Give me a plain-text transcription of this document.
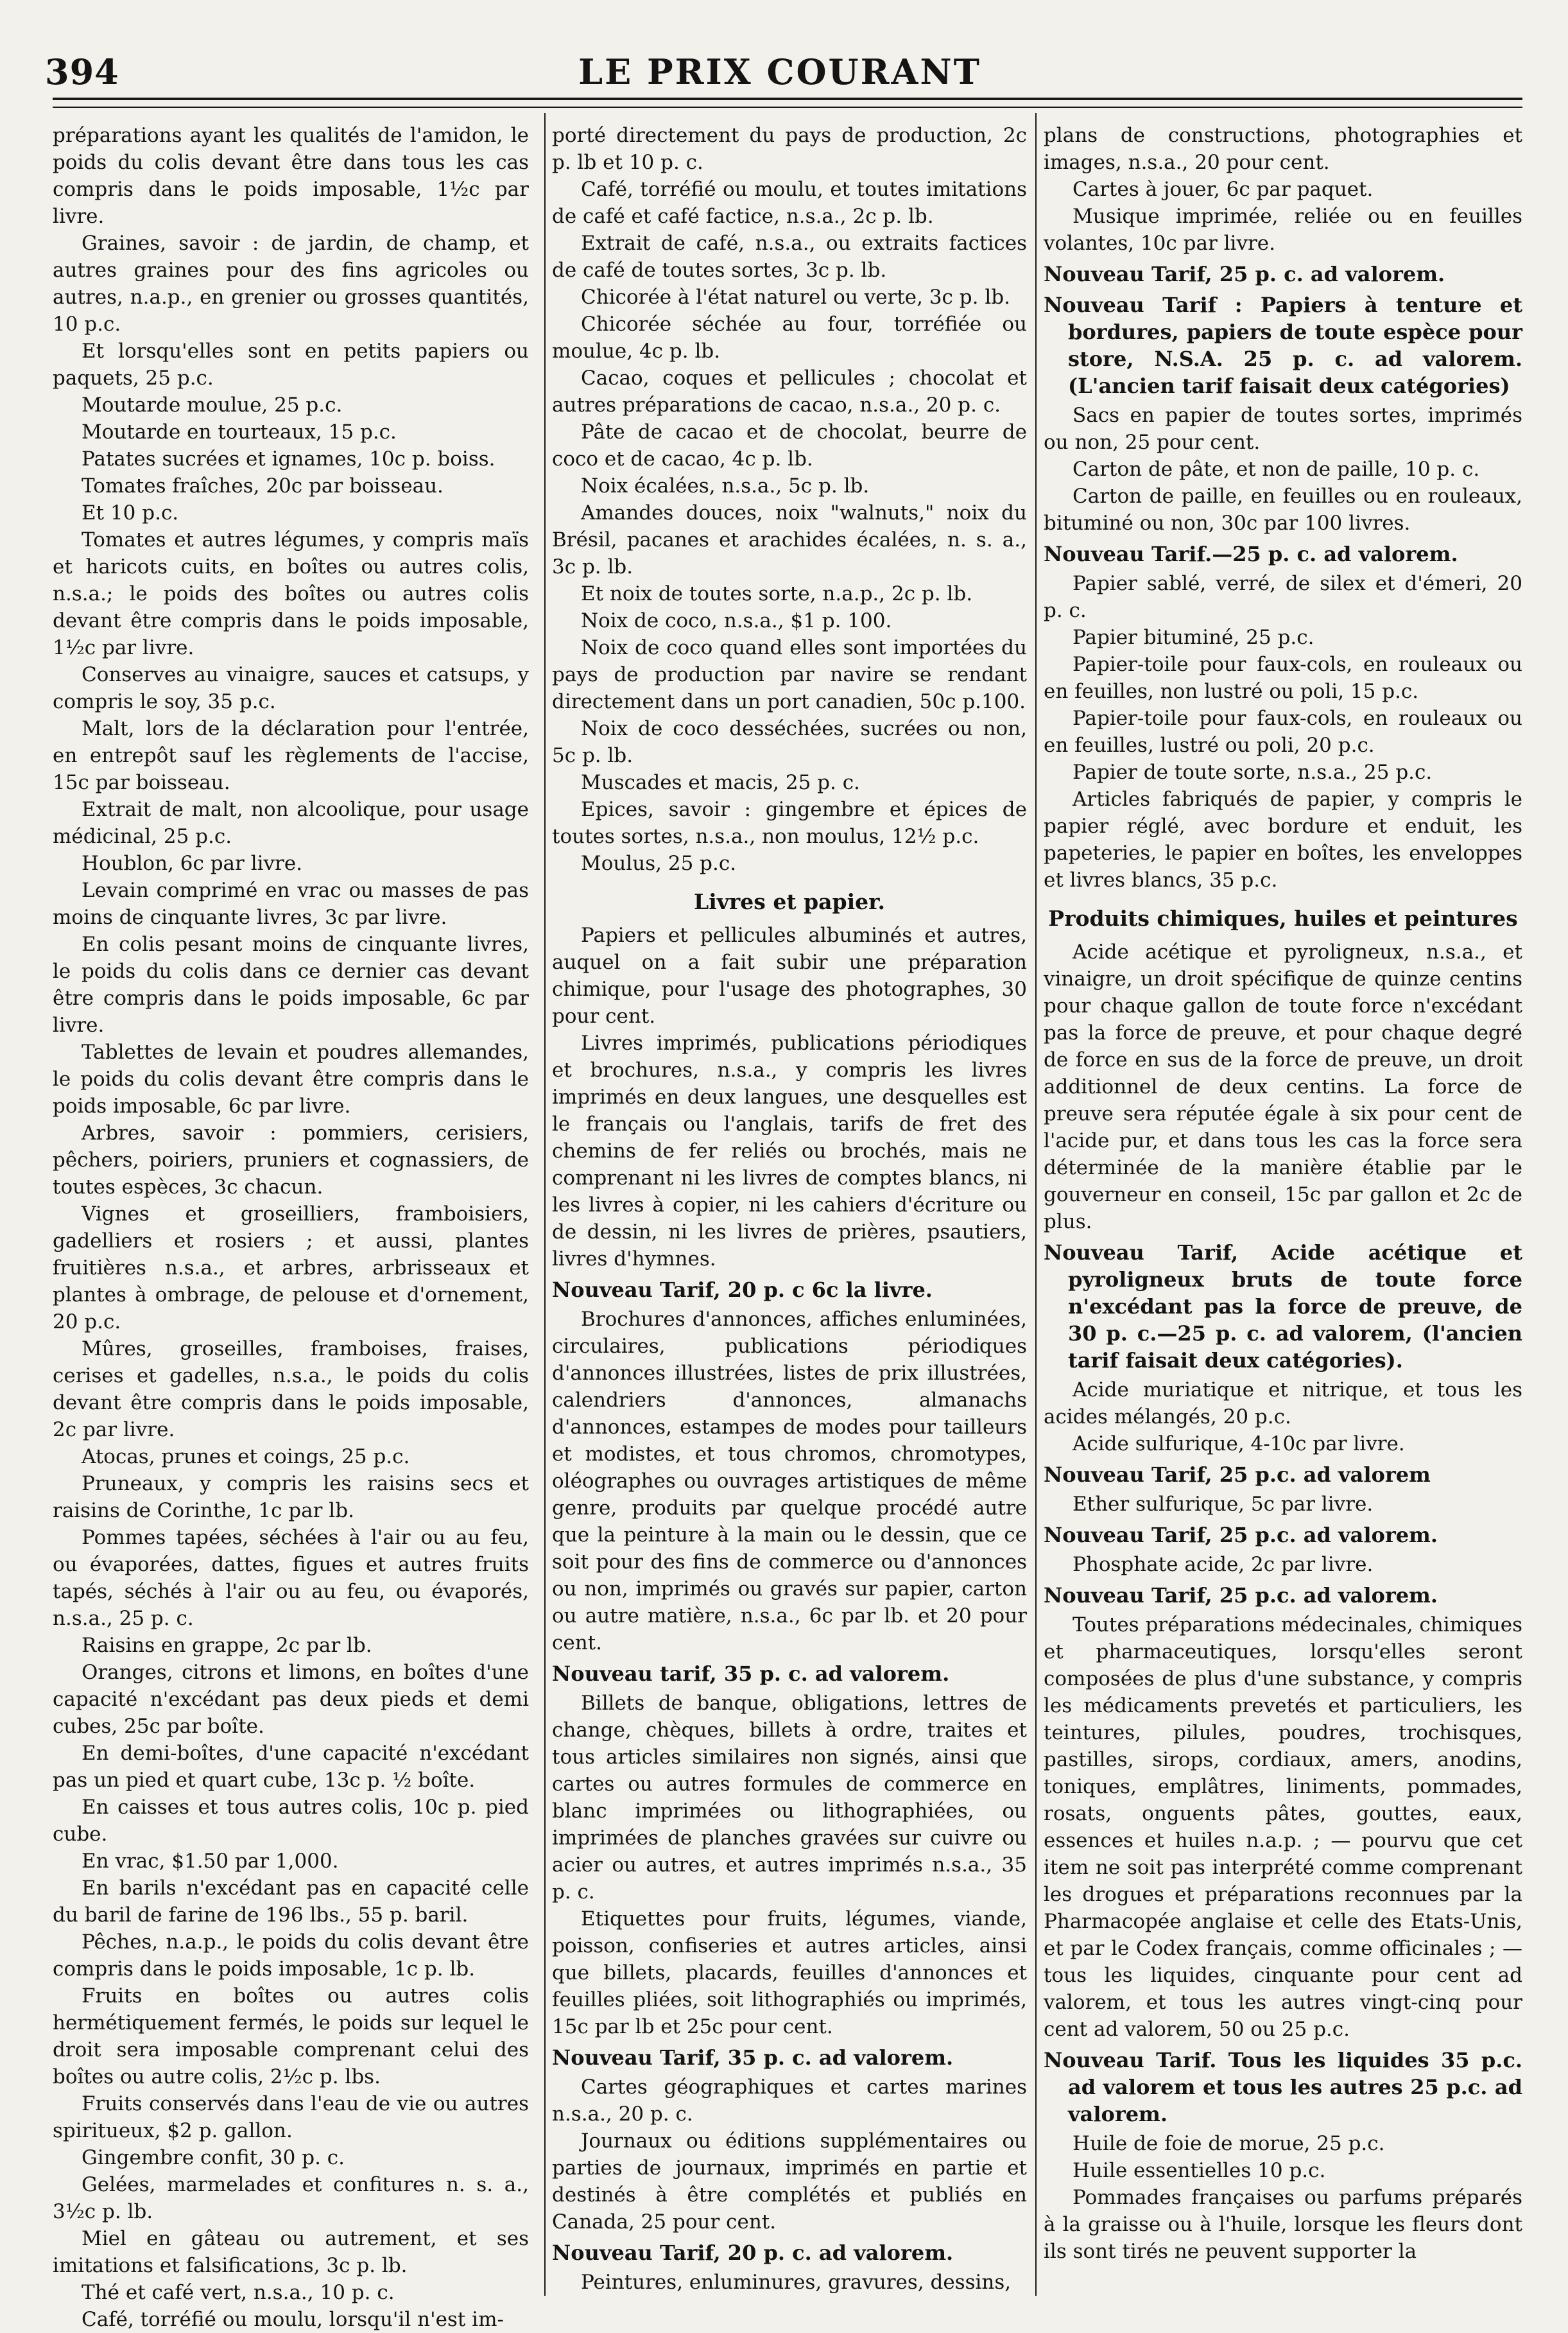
394	LE PRIX COURANT

préparations ayant les qualités de l'amidon, le poids du colis devant être dans tous les cas compris dans le poids imposable, 1½c par livre.

Graines, savoir : de jardin, de champ, et autres graines pour des fins agricoles ou autres, n.a.p., en grenier ou grosses quantités, 10 p.c.

Et lorsqu'elles sont en petits papiers ou paquets, 25 p.c.

Moutarde moulue, 25 p.c.

Moutarde en tourteaux, 15 p.c.

Patates sucrées et ignames, 10c p. boiss.

Tomates fraîches, 20c par boisseau.

Et 10 p.c.

Tomates et autres légumes, y compris maïs et haricots cuits, en boîtes ou autres colis, n.s.a.; le poids des boîtes ou autres colis devant être compris dans le poids imposable, 1½c par livre.

Conserves au vinaigre, sauces et catsups, y compris le soy, 35 p.c.

Malt, lors de la déclaration pour l'entrée, en entrepôt sauf les règlements de l'accise, 15c par boisseau.

Extrait de malt, non alcoolique, pour usage médicinal, 25 p.c.

Houblon, 6c par livre.

Levain comprimé en vrac ou masses de pas moins de cinquante livres, 3c par livre.

En colis pesant moins de cinquante livres, le poids du colis dans ce dernier cas devant être compris dans le poids imposable, 6c par livre.

Tablettes de levain et poudres allemandes, le poids du colis devant être compris dans le poids imposable, 6c par livre.

Arbres, savoir : pommiers, cerisiers, pêchers, poiriers, pruniers et cognassiers, de toutes espèces, 3c chacun.

Vignes et groseilliers, framboisiers, gadelliers et rosiers ; et aussi, plantes fruitières n.s.a., et arbres, arbrisseaux et plantes à ombrage, de pelouse et d'ornement, 20 p.c.

Mûres, groseilles, framboises, fraises, cerises et gadelles, n.s.a., le poids du colis devant être compris dans le poids imposable, 2c par livre.

Atocas, prunes et coings, 25 p.c.

Pruneaux, y compris les raisins secs et raisins de Corinthe, 1c par lb.

Pommes tapées, séchées à l'air ou au feu, ou évaporées, dattes, figues et autres fruits tapés, séchés à l'air ou au feu, ou évaporés, n.s.a., 25 p. c.

Raisins en grappe, 2c par lb.

Oranges, citrons et limons, en boîtes d'une capacité n'excédant pas deux pieds et demi cubes, 25c par boîte.

En demi-boîtes, d'une capacité n'excédant pas un pied et quart cube, 13c p. ½ boîte.

En caisses et tous autres colis, 10c p. pied cube.

En vrac, $1.50 par 1,000.

En barils n'excédant pas en capacité celle du baril de farine de 196 lbs., 55 p. baril.

Pêches, n.a.p., le poids du colis devant être compris dans le poids imposable, 1c p. lb.

Fruits en boîtes ou autres colis hermétiquement fermés, le poids sur lequel le droit sera imposable comprenant celui des boîtes ou autre colis, 2½c p. lbs.

Fruits conservés dans l'eau de vie ou autres spiritueux, $2 p. gallon.

Gingembre confit, 30 p. c.

Gelées, marmelades et confitures n. s. a., 3½c p. lb.

Miel en gâteau ou autrement, et ses imitations et falsifications, 3c p. lb.

Thé et café vert, n.s.a., 10 p. c.

Café, torréfié ou moulu, lorsqu'il n'est im-

porté directement du pays de production, 2c p. lb et 10 p. c.

Café, torréfié ou moulu, et toutes imitations de café et café factice, n.s.a., 2c p. lb.

Extrait de café, n.s.a., ou extraits factices de café de toutes sortes, 3c p. lb.

Chicorée à l'état naturel ou verte, 3c p. lb.

Chicorée séchée au four, torréfiée ou moulue, 4c p. lb.

Cacao, coques et pellicules ; chocolat et autres préparations de cacao, n.s.a., 20 p. c.

Pâte de cacao et de chocolat, beurre de coco et de cacao, 4c p. lb.

Noix écalées, n.s.a., 5c p. lb.

Amandes douces, noix "walnuts," noix du Brésil, pacanes et arachides écalées, n. s. a., 3c p. lb.

Et noix de toutes sorte, n.a.p., 2c p. lb.

Noix de coco, n.s.a., $1 p. 100.

Noix de coco quand elles sont importées du pays de production par navire se rendant directement dans un port canadien, 50c p.100.

Noix de coco desséchées, sucrées ou non, 5c p. lb.

Muscades et macis, 25 p. c.

Epices, savoir : gingembre et épices de toutes sortes, n.s.a., non moulus, 12½ p.c.

Moulus, 25 p.c.

Livres et papier.

Papiers et pellicules albuminés et autres, auquel on a fait subir une préparation chimique, pour l'usage des photographes, 30 pour cent.

Livres imprimés, publications périodiques et brochures, n.s.a., y compris les livres imprimés en deux langues, une desquelles est le français ou l'anglais, tarifs de fret des chemins de fer reliés ou brochés, mais ne comprenant ni les livres de comptes blancs, ni les livres à copier, ni les cahiers d'écriture ou de dessin, ni les livres de prières, psautiers, livres d'hymnes.

Nouveau Tarif, 20 p. c 6c la livre.

Brochures d'annonces, affiches enluminées, circulaires, publications périodiques d'annonces illustrées, listes de prix illustrées, calendriers d'annonces, almanachs d'annonces, estampes de modes pour tailleurs et modistes, et tous chromos, chromotypes, oléographes ou ouvrages artistiques de même genre, produits par quelque procédé autre que la peinture à la main ou le dessin, que ce soit pour des fins de commerce ou d'annonces ou non, imprimés ou gravés sur papier, carton ou autre matière, n.s.a., 6c par lb. et 20 pour cent.

Nouveau tarif, 35 p. c. ad valorem.

Billets de banque, obligations, lettres de change, chèques, billets à ordre, traites et tous articles similaires non signés, ainsi que cartes ou autres formules de commerce en blanc imprimées ou lithographiées, ou imprimées de planches gravées sur cuivre ou acier ou autres, et autres imprimés n.s.a., 35 p. c.

Etiquettes pour fruits, légumes, viande, poisson, confiseries et autres articles, ainsi que billets, placards, feuilles d'annonces et feuilles pliées, soit lithographiés ou imprimés, 15c par lb et 25c pour cent.

Nouveau Tarif, 35 p. c. ad valorem.

Cartes géographiques et cartes marines n.s.a., 20 p. c.

Journaux ou éditions supplémentaires ou parties de journaux, imprimés en partie et destinés à être complétés et publiés en Canada, 25 pour cent.

Nouveau Tarif, 20 p. c. ad valorem.

Peintures, enluminures, gravures, dessins,

plans de constructions, photographies et images, n.s.a., 20 pour cent.

Cartes à jouer, 6c par paquet.

Musique imprimée, reliée ou en feuilles volantes, 10c par livre.

Nouveau Tarif, 25 p. c. ad valorem.

Nouveau Tarif : Papiers à tenture et bordures, papiers de toute espèce pour store, N.S.A. 25 p. c. ad valorem. (L'ancien tarif faisait deux catégories)

Sacs en papier de toutes sortes, imprimés ou non, 25 pour cent.

Carton de pâte, et non de paille, 10 p. c.

Carton de paille, en feuilles ou en rouleaux, bituminé ou non, 30c par 100 livres.

Nouveau Tarif.—25 p. c. ad valorem.

Papier sablé, verré, de silex et d'émeri, 20 p. c.

Papier bituminé, 25 p.c.

Papier-toile pour faux-cols, en rouleaux ou en feuilles, non lustré ou poli, 15 p.c.

Papier-toile pour faux-cols, en rouleaux ou en feuilles, lustré ou poli, 20 p.c.

Papier de toute sorte, n.s.a., 25 p.c.

Articles fabriqués de papier, y compris le papier réglé, avec bordure et enduit, les papeteries, le papier en boîtes, les enveloppes et livres blancs, 35 p.c.

Produits chimiques, huiles et peintures

Acide acétique et pyroligneux, n.s.a., et vinaigre, un droit spécifique de quinze centins pour chaque gallon de toute force n'excédant pas la force de preuve, et pour chaque degré de force en sus de la force de preuve, un droit additionnel de deux centins. La force de preuve sera réputée égale à six pour cent de l'acide pur, et dans tous les cas la force sera déterminée de la manière établie par le gouverneur en conseil, 15c par gallon et 2c de plus.

Nouveau Tarif, Acide acétique et pyroligneux bruts de toute force n'excédant pas la force de preuve, de 30 p. c.—25 p. c. ad valorem, (l'ancien tarif faisait deux catégories).

Acide muriatique et nitrique, et tous les acides mélangés, 20 p.c.

Acide sulfurique, 4-10c par livre.

Nouveau Tarif, 25 p.c. ad valorem

Ether sulfurique, 5c par livre.

Nouveau Tarif, 25 p.c. ad valorem.

Phosphate acide, 2c par livre.

Nouveau Tarif, 25 p.c. ad valorem.

Toutes préparations médecinales, chimiques et pharmaceutiques, lorsqu'elles seront composées de plus d'une substance, y compris les médicaments prevetés et particuliers, les teintures, pilules, poudres, trochisques, pastilles, sirops, cordiaux, amers, anodins, toniques, emplâtres, liniments, pommades, rosats, onguents pâtes, gouttes, eaux, essences et huiles n.a.p. ; — pourvu que cet item ne soit pas interprété comme comprenant les drogues et préparations reconnues par la Pharmacopée anglaise et celle des Etats-Unis, et par le Codex français, comme officinales ; — tous les liquides, cinquante pour cent ad valorem, et tous les autres vingt-cinq pour cent ad valorem, 50 ou 25 p.c.

Nouveau Tarif. Tous les liquides 35 p.c. ad valorem et tous les autres 25 p.c. ad valorem.

Huile de foie de morue, 25 p.c.

Huile essentielles 10 p.c.

Pommades françaises ou parfums préparés à la graisse ou à l'huile, lorsque les fleurs dont ils sont tirés ne peuvent supporter la
